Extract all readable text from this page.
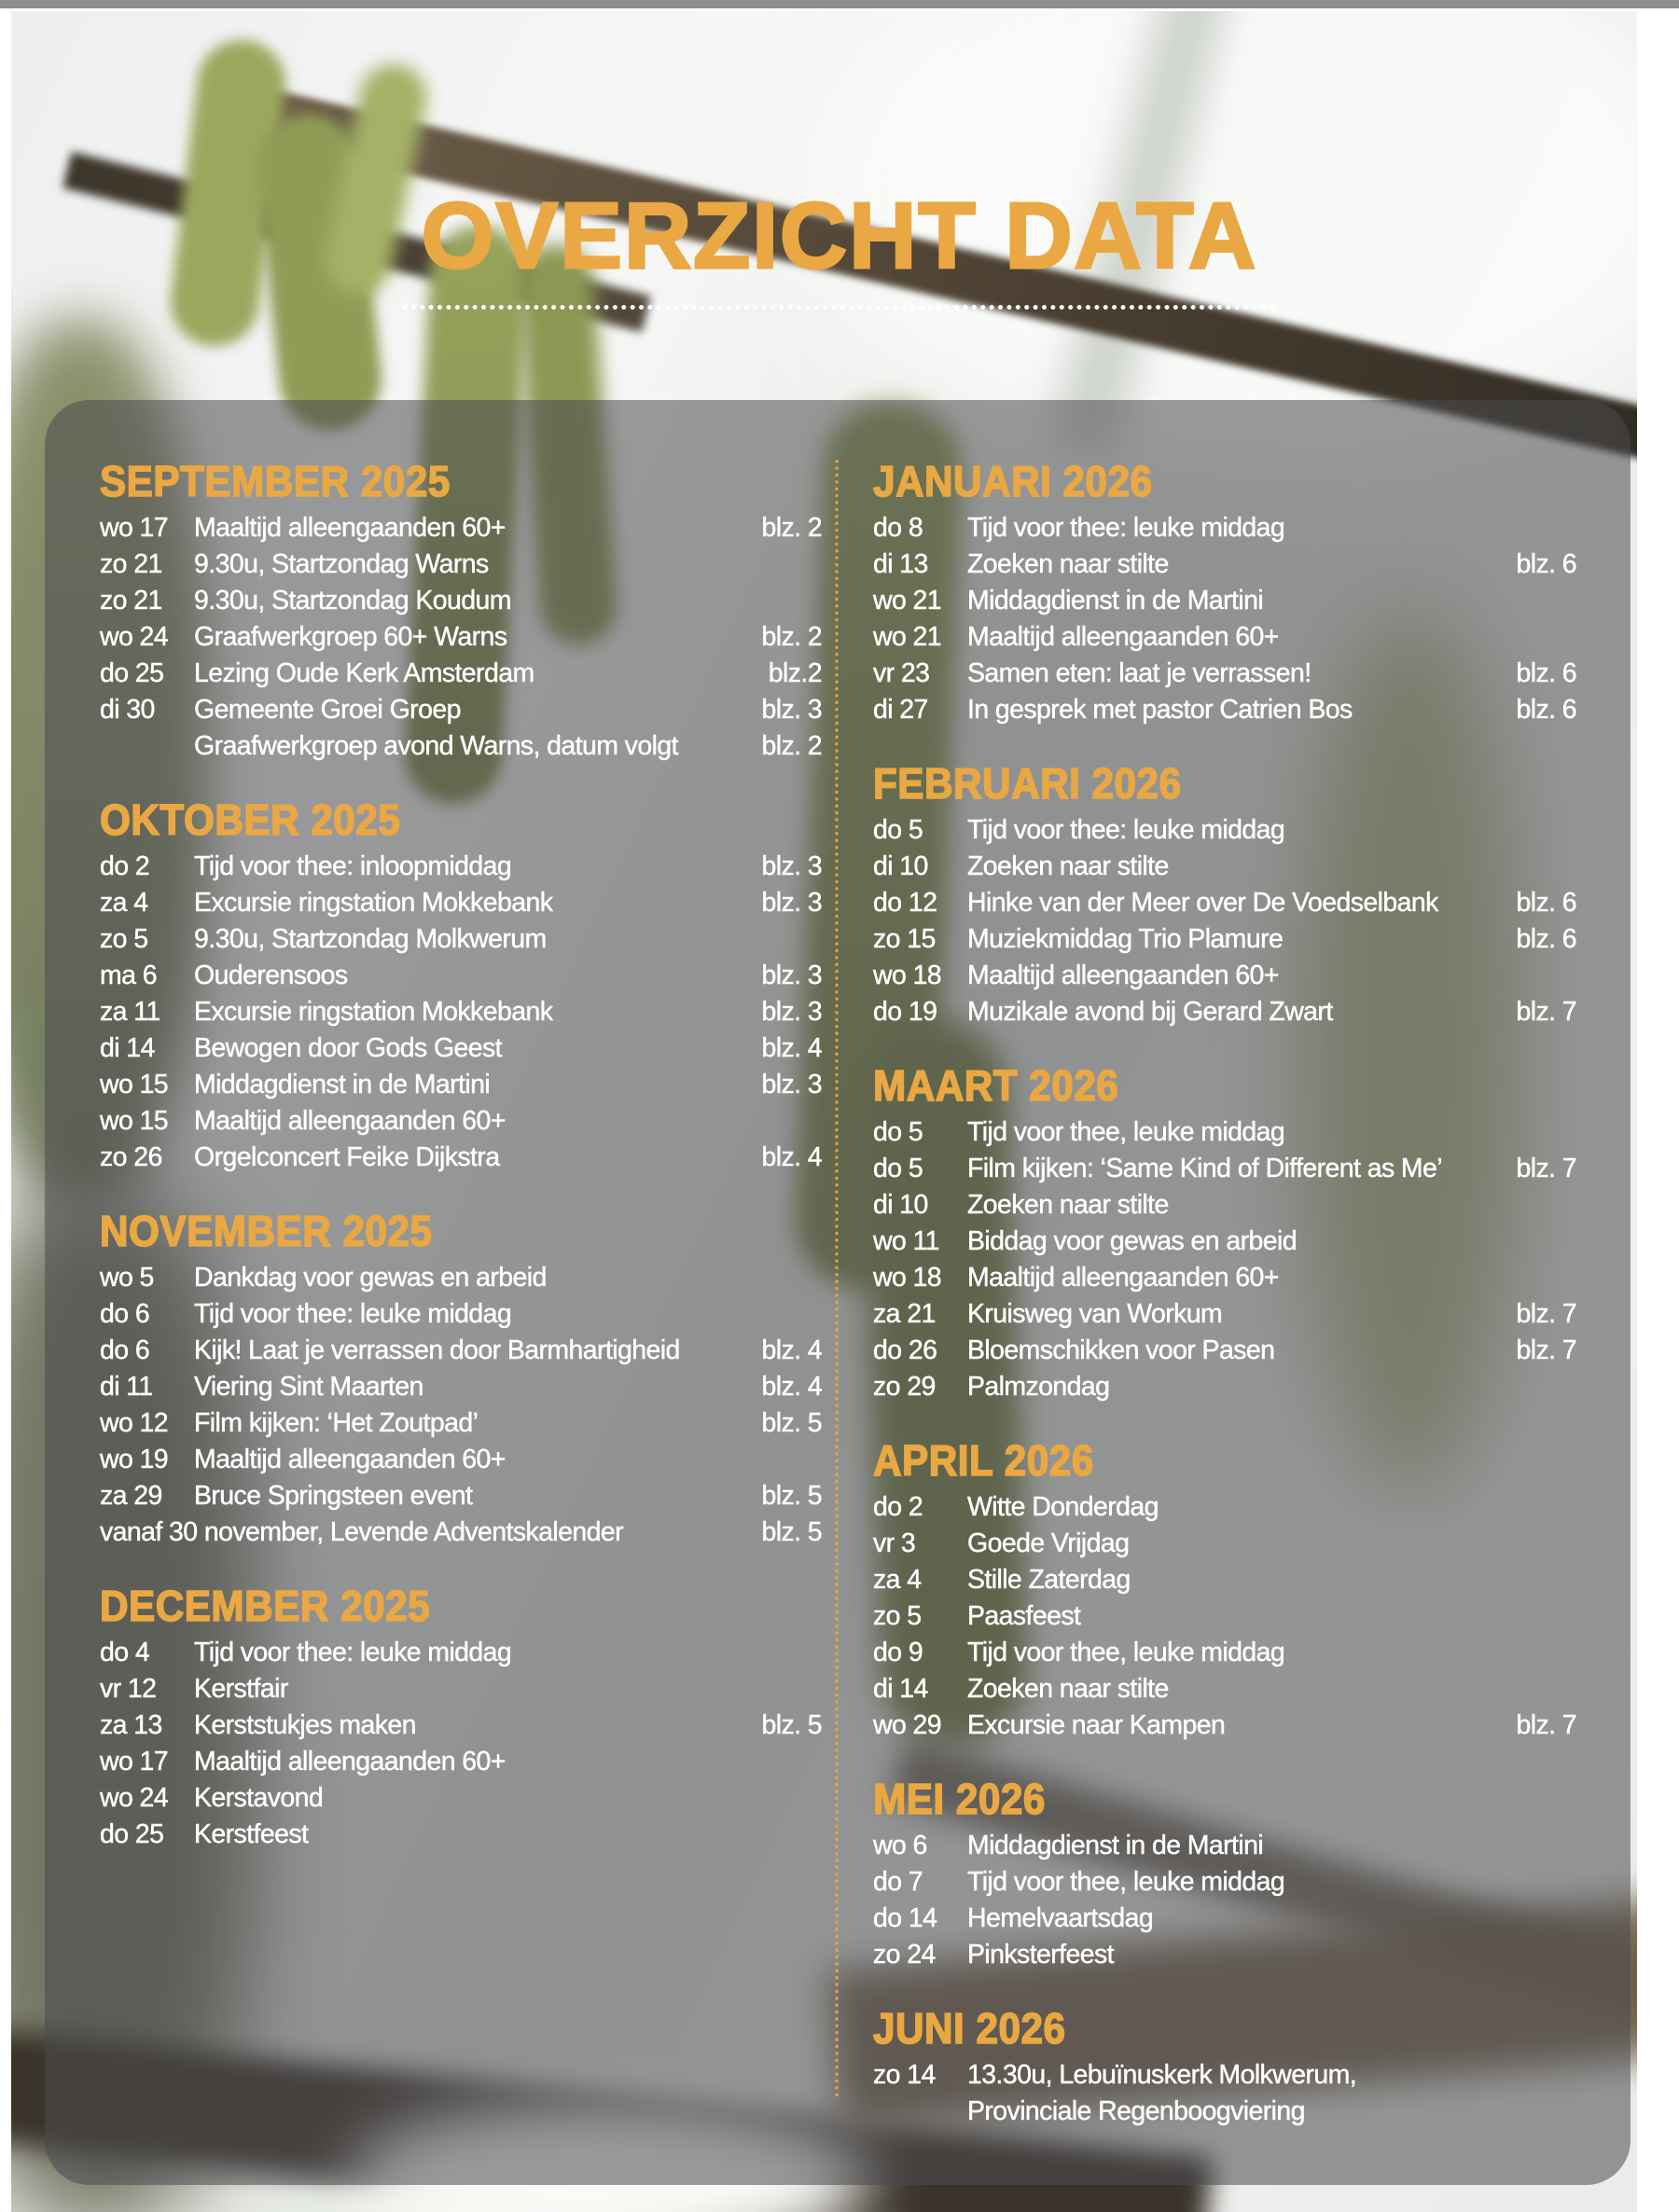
OVERZICHT DATA
SEPTEMBER 2025
wo 17 Maaltijd alleengaanden 60+	blz. 2
zo 21	9.30u, Startzondag Warns
zo 21	9.30u, Startzondag Koudum
wo 24 Graafwerkgroep 60+ Warns	blz. 2
do 25	Lezing Oude Kerk Amsterdam	blz.2
di 30	Gemeente Groei Groep	blz. 3
Graafwerkgroep avond Warns, datum volgt	blz. 2
OKTOBER 2025
do 2	Tijd voor thee: inloopmiddag	blz. 3
za 4	Excursie ringstation Mokkebank	blz. 3
zo 5	9.30u, Startzondag Molkwerum
ma 6	Ouderensoos	blz. 3
za 11	Excursie ringstation Mokkebank	blz. 3
di 14	Bewogen door Gods Geest	blz. 4
wo 15 Middagdienst in de Martini	blz. 3
wo 15 Maaltijd alleengaanden 60+
zo 26	Orgelconcert Feike Dijkstra	blz. 4
NOVEMBER 2025
wo 5	Dankdag voor gewas en arbeid
do 6	Tijd voor thee: leuke middag
do 6	Kijk! Laat je verrassen door Barmhartigheid	blz. 4
di 11	Viering Sint Maarten	blz. 4
wo 12 Film kijken: ‘Het Zoutpad’	blz. 5
wo 19 Maaltijd alleengaanden 60+
za 29	Bruce Springsteen event	blz. 5
vanaf 30 november, Levende Adventskalender	blz. 5
DECEMBER 2025
do 4	Tijd voor thee: leuke middag
vr 12	Kerstfair
za 13	Kerststukjes maken	blz. 5
wo 17 Maaltijd alleengaanden 60+
wo 24 Kerstavond
do 25	Kerstfeest
JANUARI 2026
do 8	Tijd voor thee: leuke middag
di 13	Zoeken naar stilte	blz. 6
wo 21 Middagdienst in de Martini
wo 21 Maaltijd alleengaanden 60+
vr 23	Samen eten: laat je verrassen!	blz. 6
di 27	In gesprek met pastor Catrien Bos	blz. 6
FEBRUARI 2026
do 5	Tijd voor thee: leuke middag
di 10	Zoeken naar stilte
do 12	Hinke van der Meer over De Voedselbank	blz. 6
zo 15	Muziekmiddag Trio Plamure	blz. 6
wo 18 Maaltijd alleengaanden 60+
do 19	Muzikale avond bij Gerard Zwart	blz. 7
MAART 2026
do 5	Tijd voor thee, leuke middag
do 5	Film kijken: ‘Same Kind of Different as Me’	blz. 7
di 10	Zoeken naar stilte
wo 11	Biddag voor gewas en arbeid
wo 18 Maaltijd alleengaanden 60+
za 21	Kruisweg van Workum	blz. 7
do 26	Bloemschikken voor Pasen	blz. 7
zo 29	Palmzondag
APRIL 2026
do 2	Witte Donderdag
vr 3	Goede Vrijdag
za 4	Stille Zaterdag
zo 5	Paasfeest
do 9	Tijd voor thee, leuke middag
di 14	Zoeken naar stilte
wo 29 Excursie naar Kampen	blz. 7
MEI 2026
wo 6	Middagdienst in de Martini
do 7	Tijd voor thee, leuke middag
do 14	Hemelvaartsdag
zo 24	Pinksterfeest
JUNI 2026
zo 14	13.30u, Lebuïnuskerk Molkwerum,
Provinciale Regenboogviering
